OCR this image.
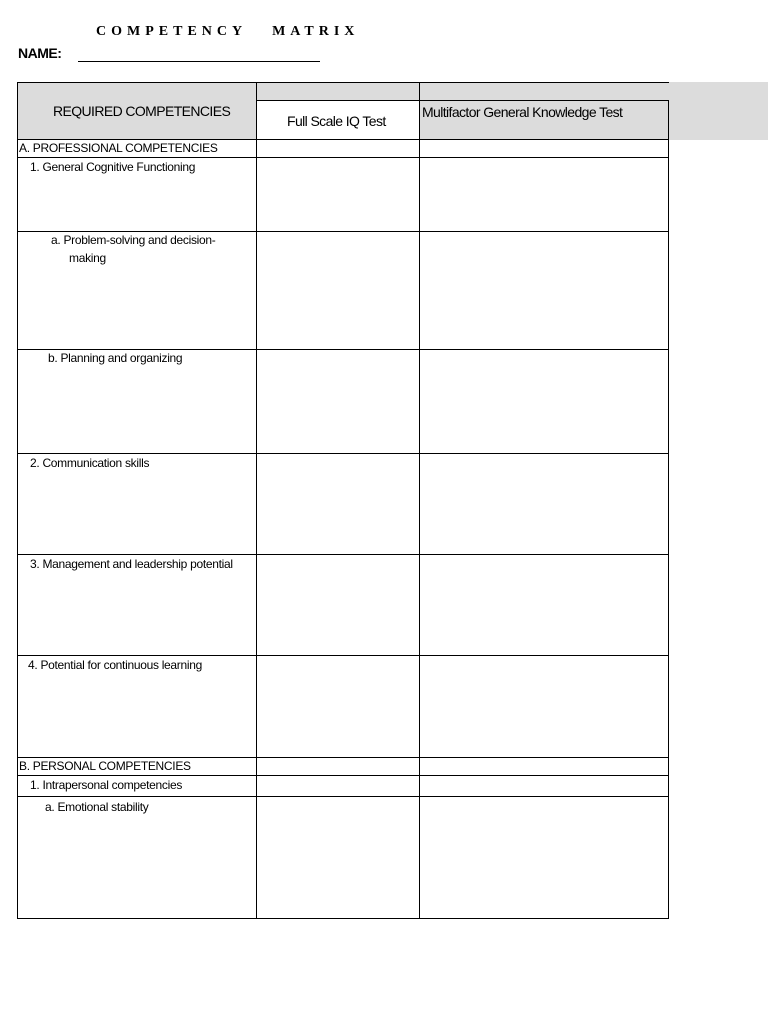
COMPETENCY   MATRIX
NAME:
REQUIRED COMPETENCIES
Full Scale IQ Test
Multifactor General Knowledge Test
A. PROFESSIONAL COMPETENCIES
1. General Cognitive Functioning
a. Problem-solving and decision-
making
b. Planning and organizing
2. Communication skills
3. Management and leadership potential
4. Potential for continuous learning
B. PERSONAL COMPETENCIES
1. Intrapersonal competencies
a. Emotional stability
